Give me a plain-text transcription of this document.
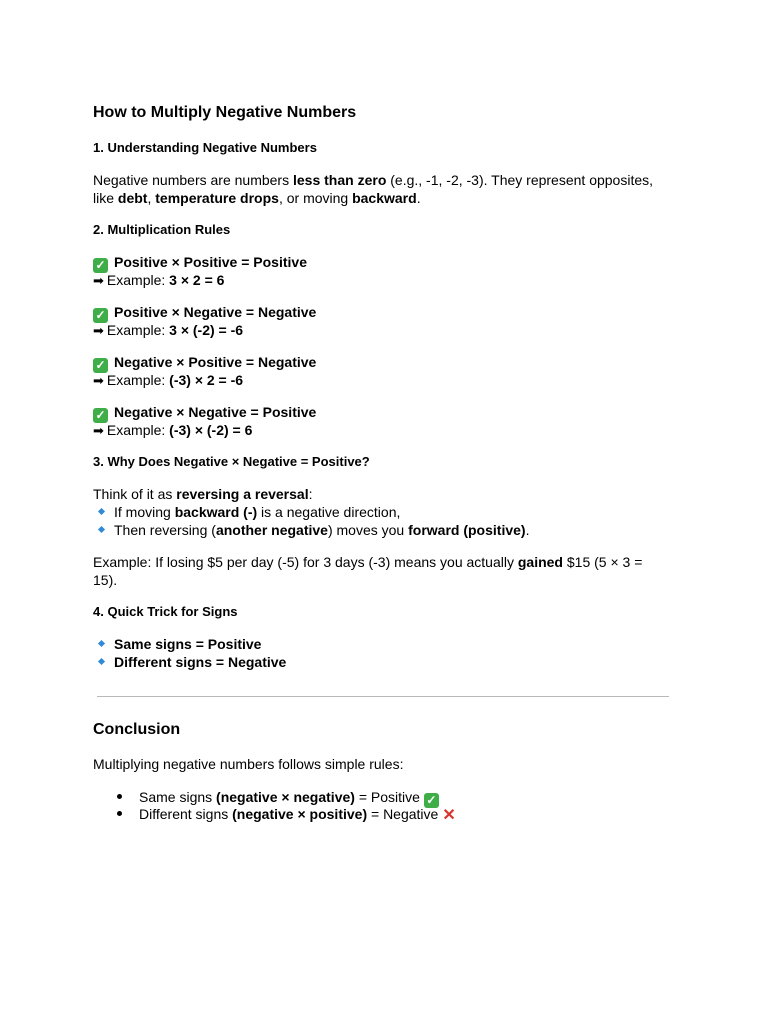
How to Multiply Negative Numbers
1. Understanding Negative Numbers
Negative numbers are numbers less than zero (e.g., -1, -2, -3). They represent opposites,
like debt, temperature drops, or moving backward.
2. Multiplication Rules
✓ Positive × Positive = Positive
➡ Example: 3 × 2 = 6
✓ Positive × Negative = Negative
➡ Example: 3 × (-2) = -6
✓ Negative × Positive = Negative
➡ Example: (-3) × 2 = -6
✓ Negative × Negative = Positive
➡ Example: (-3) × (-2) = 6
3. Why Does Negative × Negative = Positive?
Think of it as reversing a reversal:
If moving backward (-) is a negative direction,
Then reversing (another negative) moves you forward (positive).
Example: If losing $5 per day (-5) for 3 days (-3) means you actually gained $15 (5 × 3 =
15).
4. Quick Trick for Signs
Same signs = Positive
Different signs = Negative
Conclusion
Multiplying negative numbers follows simple rules:
Same signs (negative × negative) = Positive ✓
Different signs (negative × positive) = Negative ✕
